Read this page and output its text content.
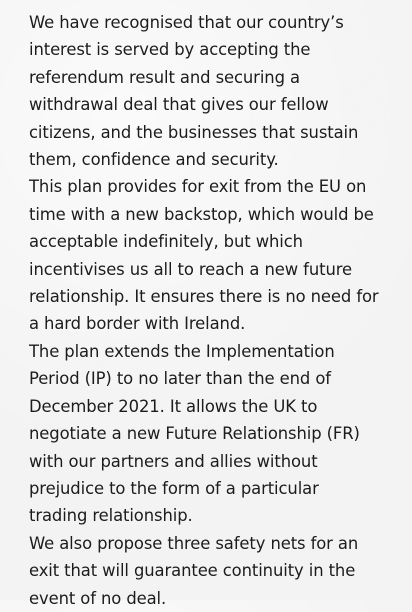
We have recognised that our country’s
interest is served by accepting the
referendum result and securing a
withdrawal deal that gives our fellow
citizens, and the businesses that sustain
them, confidence and security.

This plan provides for exit from the EU on
time with a new backstop, which would be
acceptable indefinitely, but which
incentivises us all to reach a new future
relationship. It ensures there is no need for
a hard border with Ireland.

The plan extends the Implementation
Period (IP) to no later than the end of
December 2021. It allows the UK to
negotiate a new Future Relationship (FR)
with our partners and allies without
prejudice to the form of a particular
trading relationship.

We also propose three safety nets for an
exit that will guarantee continuity in the
event of no deal.
